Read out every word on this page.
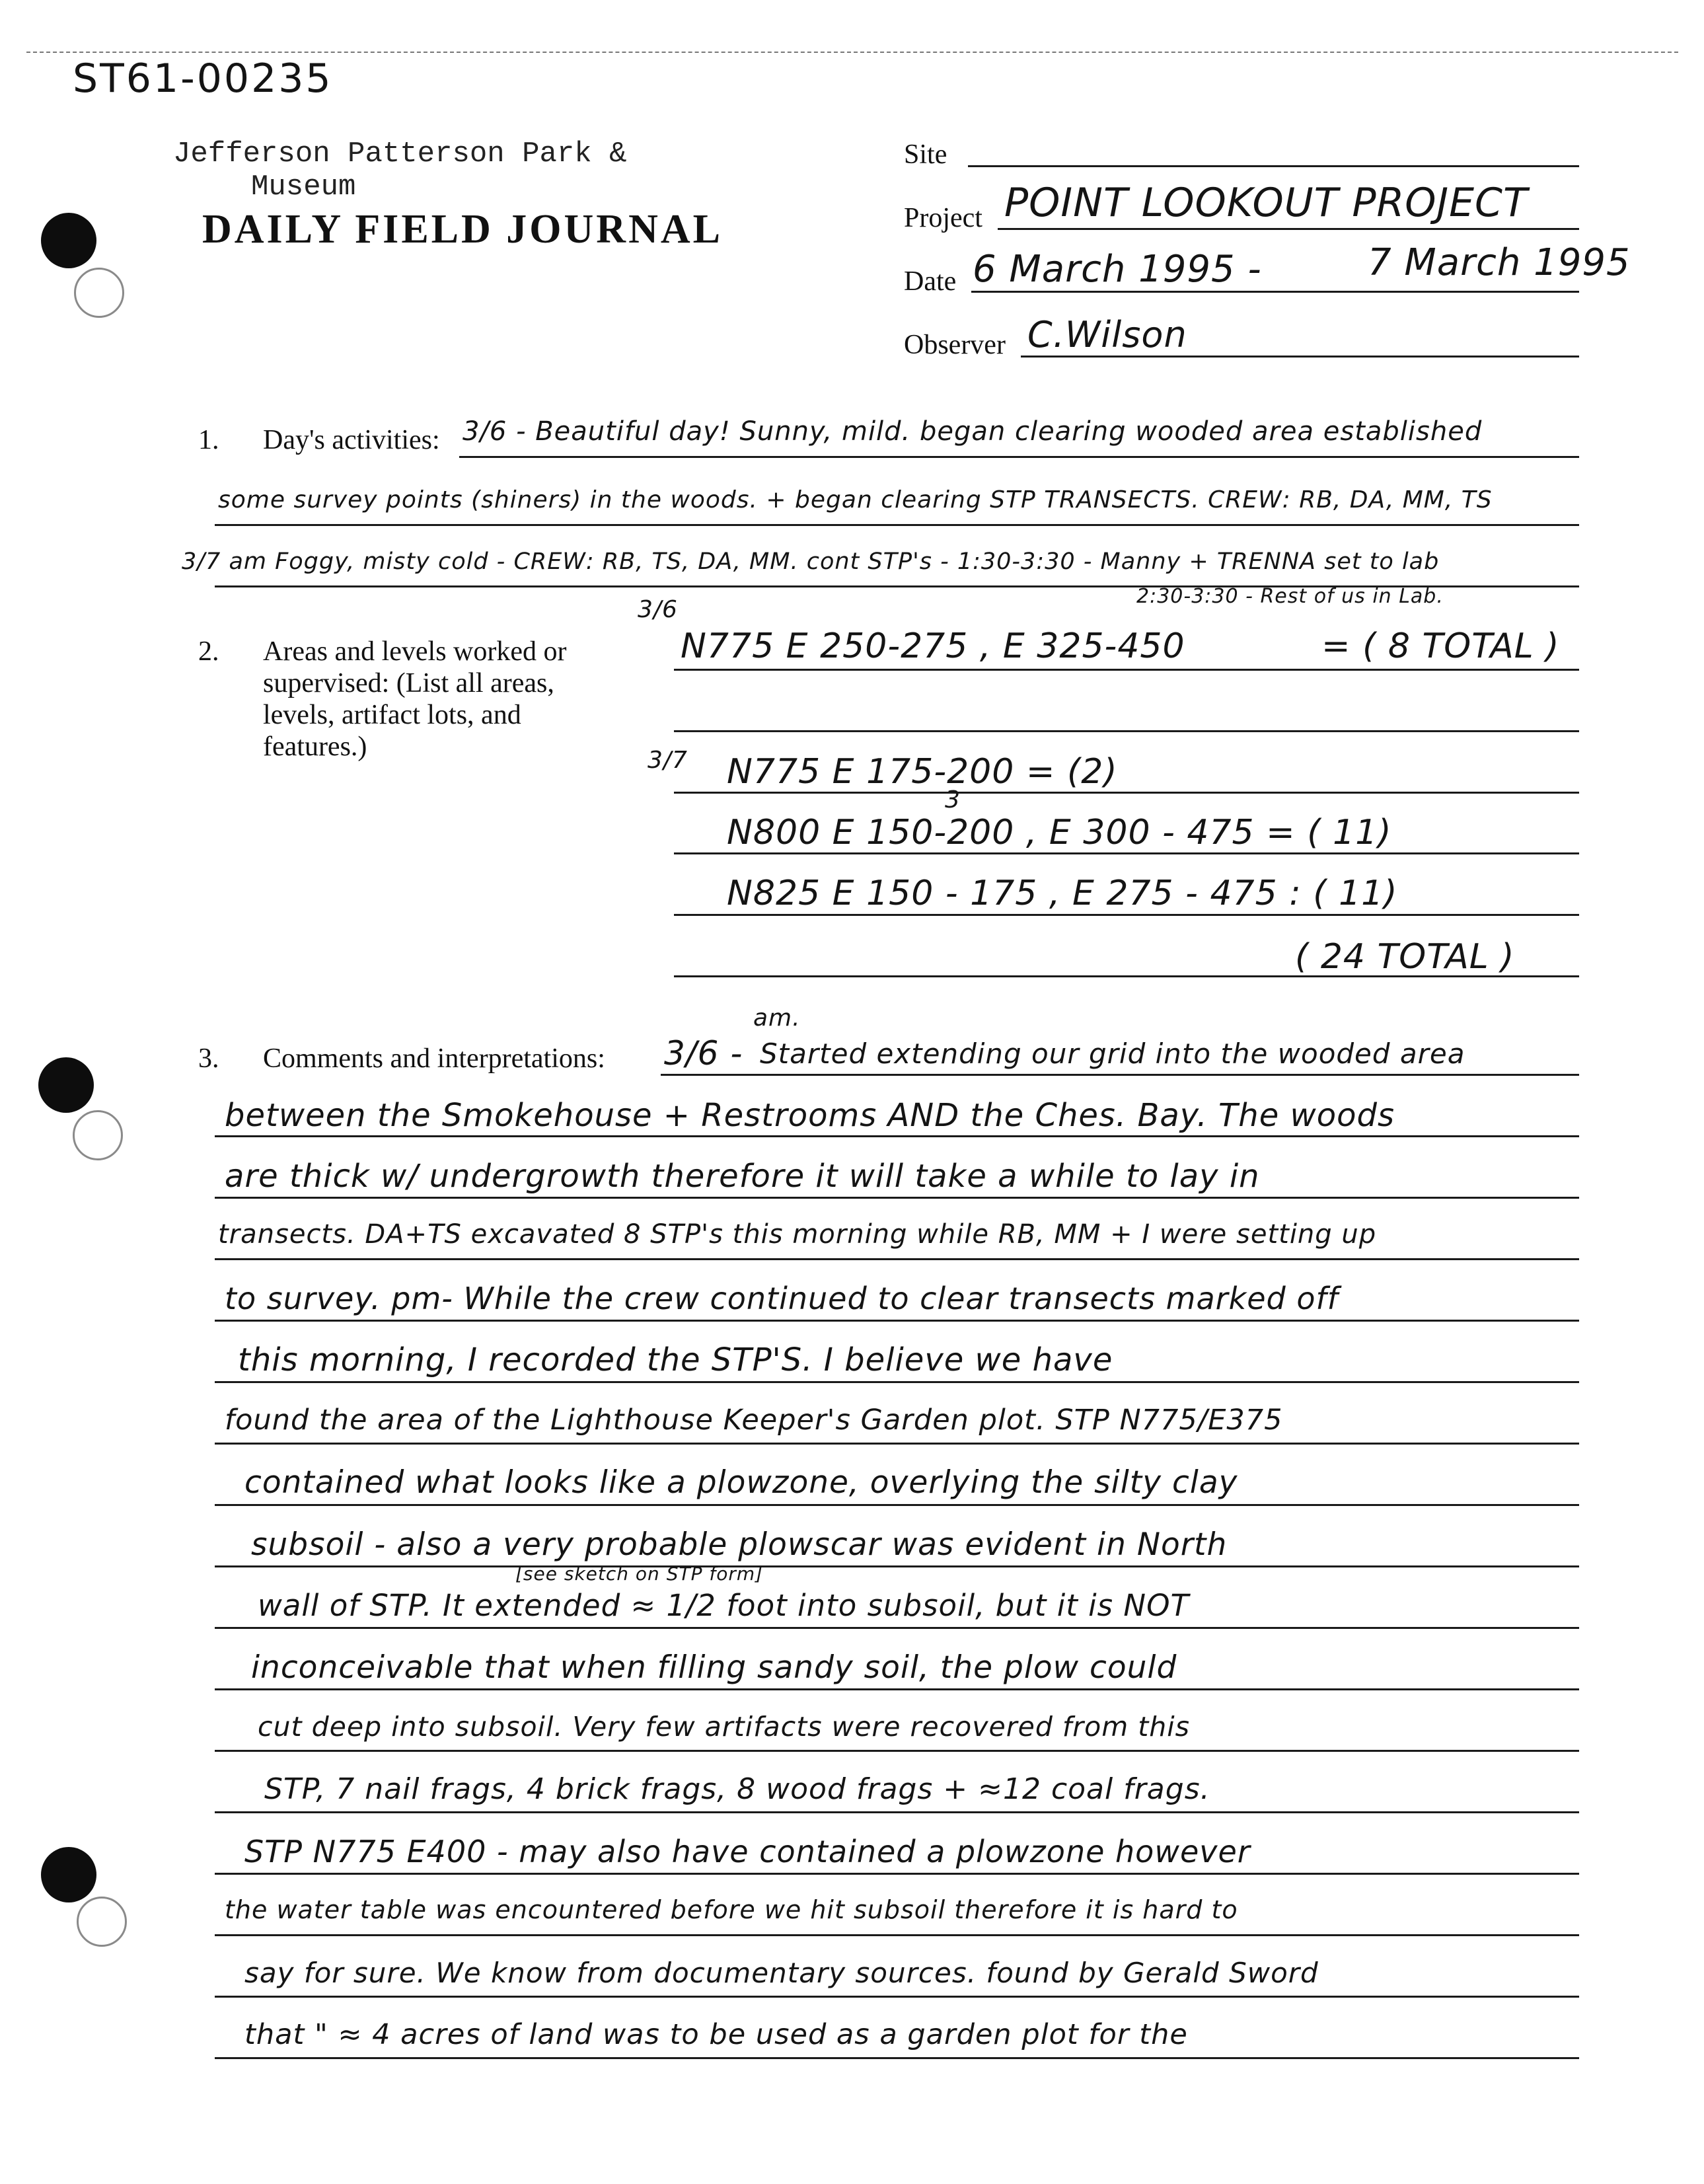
ST61-00235
Jefferson Patterson Park &
Museum
DAILY FIELD JOURNAL
Site
Project POINT LOOKOUT PROJECT
Date 6 March 1995 -	7 March 1995
Observer C.Wilson
1. Day's activities: 3/6 - Beautiful day! Sunny, mild. began clearing wooded area established
some survey points (shiners) in the woods. + began clearing STP TRANSECTS. CREW: RB, DA, MM, TS
3/7 am Foggy, misty cold - CREW: RB, TS, DA, MM. cont STP's - 1:30-3:30 - Manny + TRENNA set to lab
2:30-3:30 - Rest of us in Lab.
2. Areas and levels worked or
supervised: (List all areas,
levels, artifact lots, and
features.)
3/6
N775 E 250-275 , E 325-450	= ( 8 TOTAL )
3/7 N775 E 175-200 = (2)
3
N800 E 150-200 , E 300 - 475 = ( 11)
N825 E 150 - 175 , E 275 - 475 : ( 11)
( 24 TOTAL )
3. Comments and interpretations:
am.
3/6 - Started extending our grid into the wooded area
between the Smokehouse + Restrooms AND the Ches. Bay. The woods
are thick w/ undergrowth therefore it will take a while to lay in
transects. DA+TS excavated 8 STP's this morning while RB, MM + I were setting up
to survey. pm- While the crew continued to clear transects marked off
this morning, I recorded the STP'S. I believe we have
found the area of the Lighthouse Keeper's Garden plot. STP N775/E375
contained what looks like a plowzone, overlying the silty clay
subsoil - also a very probable plowscar was evident in North
[see sketch on STP form]
wall of STP. It extended ≈ 1/2 foot into subsoil, but it is NOT
inconceivable that when filling sandy soil, the plow could
cut deep into subsoil. Very few artifacts were recovered from this
STP, 7 nail frags, 4 brick frags, 8 wood frags + ≈12 coal frags.
STP N775 E400 - may also have contained a plowzone however
the water table was encountered before we hit subsoil therefore it is hard to
say for sure. We know from documentary sources. found by Gerald Sword
that " ≈ 4 acres of land was to be used as a garden plot for the
